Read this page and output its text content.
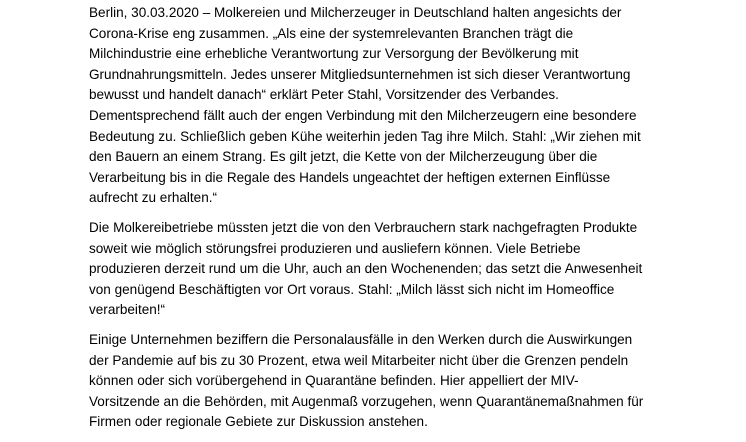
Berlin, 30.03.2020 – Molkereien und Milcherzeuger in Deutschland halten angesichts der
Corona-Krise eng zusammen. „Als eine der systemrelevanten Branchen trägt die
Milchindustrie eine erhebliche Verantwortung zur Versorgung der Bevölkerung mit
Grundnahrungsmitteln. Jedes unserer Mitgliedsunternehmen ist sich dieser Verantwortung
bewusst und handelt danach“ erklärt Peter Stahl, Vorsitzender des Verbandes.
Dementsprechend fällt auch der engen Verbindung mit den Milcherzeugern eine besondere
Bedeutung zu. Schließlich geben Kühe weiterhin jeden Tag ihre Milch. Stahl: „Wir ziehen mit
den Bauern an einem Strang. Es gilt jetzt, die Kette von der Milcherzeugung über die
Verarbeitung bis in die Regale des Handels ungeachtet der heftigen externen Einflüsse
aufrecht zu erhalten.“

Die Molkereibetriebe müssten jetzt die von den Verbrauchern stark nachgefragten Produkte
soweit wie möglich störungsfrei produzieren und ausliefern können. Viele Betriebe
produzieren derzeit rund um die Uhr, auch an den Wochenenden; das setzt die Anwesenheit
von genügend Beschäftigten vor Ort voraus. Stahl: „Milch lässt sich nicht im Homeoffice
verarbeiten!“

Einige Unternehmen beziffern die Personalausfälle in den Werken durch die Auswirkungen
der Pandemie auf bis zu 30 Prozent, etwa weil Mitarbeiter nicht über die Grenzen pendeln
können oder sich vorübergehend in Quarantäne befinden. Hier appelliert der MIV-
Vorsitzende an die Behörden, mit Augenmaß vorzugehen, wenn Quarantänemaßnahmen für
Firmen oder regionale Gebiete zur Diskussion anstehen.
